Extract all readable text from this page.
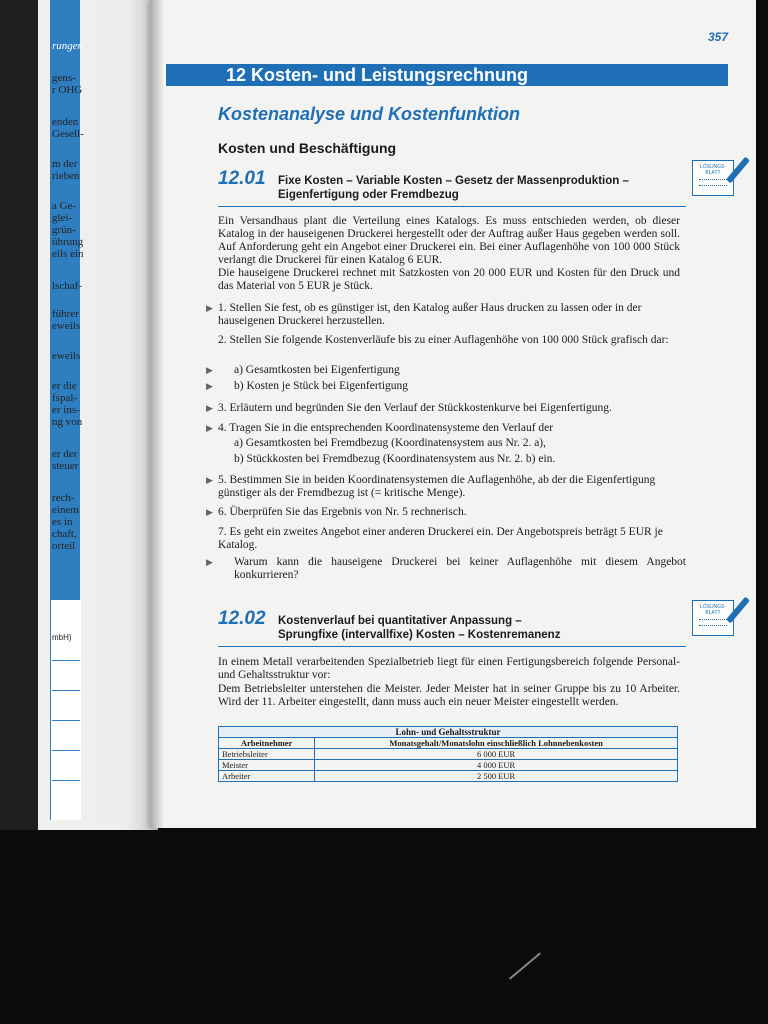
rungen
gens-
r OHG
enden
Gesell-
m der
rieben
a Ge-
glei-
grün-
ührung
eils ein
lschaf-
führer
eweils
eweils
er die
fspal-
er ins-
ng von
er der
steuer
rech-
einem
es in
chaft,
orteil
mbH)
357
12 Kosten- und Leistungsrechnung
Kostenanalyse und Kostenfunktion
Kosten und Beschäftigung
12.01 Fixe Kosten – Variable Kosten – Gesetz der Massenproduktion –
Eigenfertigung oder Fremdbezug
LÖSUNGS- BLATT
Ein Versandhaus plant die Verteilung eines Katalogs. Es muss entschieden werden, ob dieser Katalog in der hauseigenen Druckerei hergestellt oder der Auftrag außer Haus gegeben werden soll. Auf Anforderung geht ein Angebot einer Druckerei ein. Bei einer Auflagenhöhe von 100 000 Stück verlangt die Druckerei für einen Katalog 6 EUR.
Die hauseigene Druckerei rechnet mit Satzkosten von 20 000 EUR und Kosten für den Druck und das Material von 5 EUR je Stück.
▶ 1. Stellen Sie fest, ob es günstiger ist, den Katalog außer Haus drucken zu lassen oder in der hauseigenen Druckerei herzustellen.
2. Stellen Sie folgende Kostenverläufe bis zu einer Auflagenhöhe von 100 000 Stück grafisch dar:
▶ a) Gesamtkosten bei Eigenfertigung
▶ b) Kosten je Stück bei Eigenfertigung
▶ 3. Erläutern und begründen Sie den Verlauf der Stückkostenkurve bei Eigenfertigung.
▶ 4. Tragen Sie in die entsprechenden Koordinatensysteme den Verlauf der
a) Gesamtkosten bei Fremdbezug (Koordinatensystem aus Nr. 2. a),
b) Stückkosten bei Fremdbezug (Koordinatensystem aus Nr. 2. b) ein.
▶ 5. Bestimmen Sie in beiden Koordinatensystemen die Auflagenhöhe, ab der die Eigenfertigung günstiger als der Fremdbezug ist (= kritische Menge).
▶ 6. Überprüfen Sie das Ergebnis von Nr. 5 rechnerisch.
7. Es geht ein zweites Angebot einer anderen Druckerei ein. Der Angebotspreis beträgt 5 EUR je Katalog.
▶ Warum kann die hauseigene Druckerei bei keiner Auflagenhöhe mit diesem Angebot konkurrieren?
12.02 Kostenverlauf bei quantitativer Anpassung –
Sprungfixe (intervallfixe) Kosten – Kostenremanenz
LÖSUNGS- BLATT
In einem Metall verarbeitenden Spezialbetrieb liegt für einen Fertigungsbereich folgende Personal- und Gehaltsstruktur vor:
Dem Betriebsleiter unterstehen die Meister. Jeder Meister hat in seiner Gruppe bis zu 10 Arbeiter. Wird der 11. Arbeiter eingestellt, dann muss auch ein neuer Meister eingestellt werden.
Lohn- und Gehaltsstruktur	
Arbeitnehmer	Monatsgehalt/Monatslohn einschließlich Lohnnebenkosten
Betriebsleiter	6 000 EUR
Meister	4 000 EUR
Arbeiter	2 500 EUR
